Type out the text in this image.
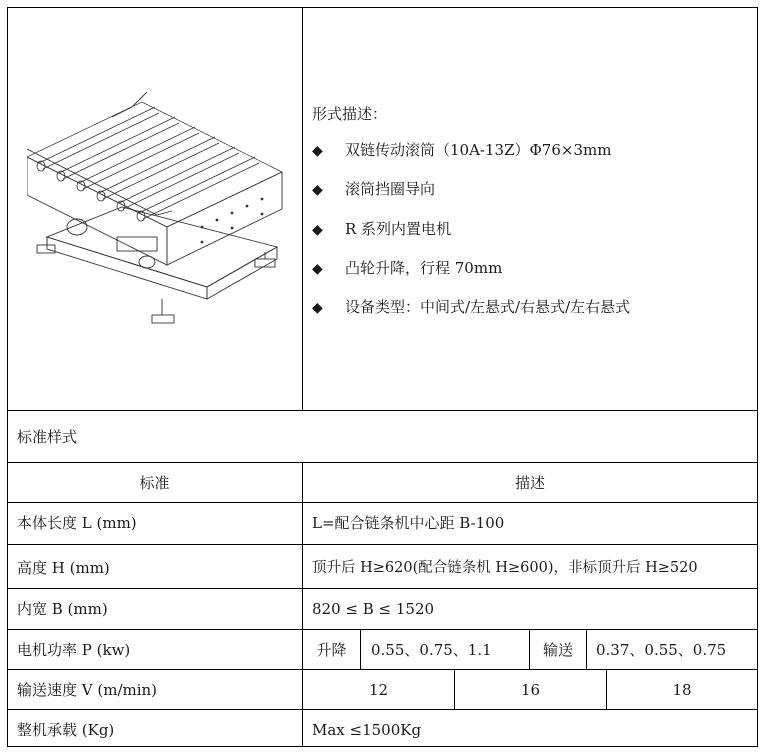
形式描述：
◆ 双链传动滚筒（10A-13Z）Φ76×3mm
◆ 滚筒挡圈导向
◆ R 系列内置电机
◆ 凸轮升降，行程 70mm
◆ 设备类型：中间式/左悬式/右悬式/左右悬式
标准样式
标准	描述
本体长度 L (mm)	L=配合链条机中心距 B-100
高度 H (mm)	顶升后 H≥620(配合链条机 H≥600)，非标顶升后 H≥520
内宽 B (mm)	820 ≤ B ≤ 1520
电机功率 P (kw)	升降	0.55、0.75、1.1	输送	0.37、0.55、0.75
输送速度 V (m/min)	12	16	18
整机承载 (Kg)	Max ≤1500Kg
